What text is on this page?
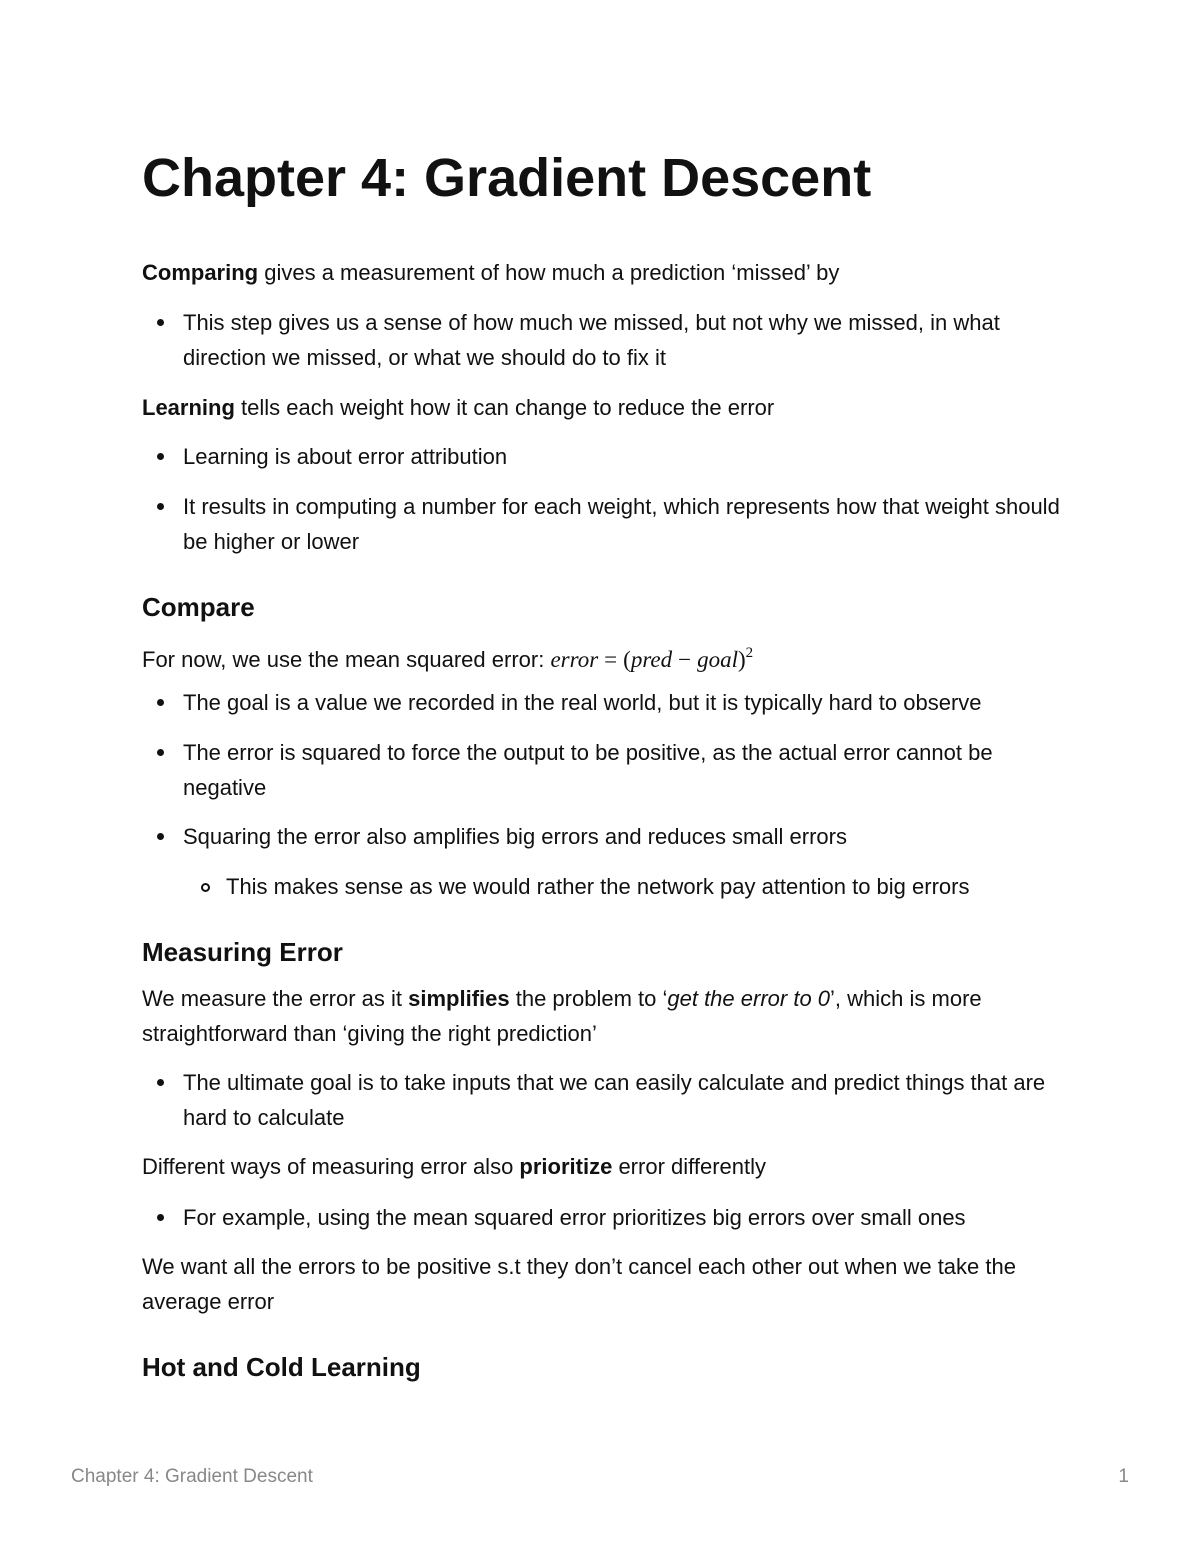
Chapter 4: Gradient Descent
Comparing gives a measurement of how much a prediction ‘missed’ by
This step gives us a sense of how much we missed, but not why we missed, in what direction we missed, or what we should do to fix it
Learning tells each weight how it can change to reduce the error
Learning is about error attribution
It results in computing a number for each weight, which represents how that weight should be higher or lower
Compare
For now, we use the mean squared error: error = (pred − goal)$^2$
The goal is a value we recorded in the real world, but it is typically hard to observe
The error is squared to force the output to be positive, as the actual error cannot be negative
Squaring the error also amplifies big errors and reduces small errors
This makes sense as we would rather the network pay attention to big errors
Measuring Error
We measure the error as it simplifies the problem to ‘get the error to 0’, which is more straightforward than ‘giving the right prediction’
The ultimate goal is to take inputs that we can easily calculate and predict things that are hard to calculate
Different ways of measuring error also prioritize error differently
For example, using the mean squared error prioritizes big errors over small ones
We want all the errors to be positive s.t they don’t cancel each other out when we take the average error
Hot and Cold Learning
Chapter 4: Gradient Descent	1
